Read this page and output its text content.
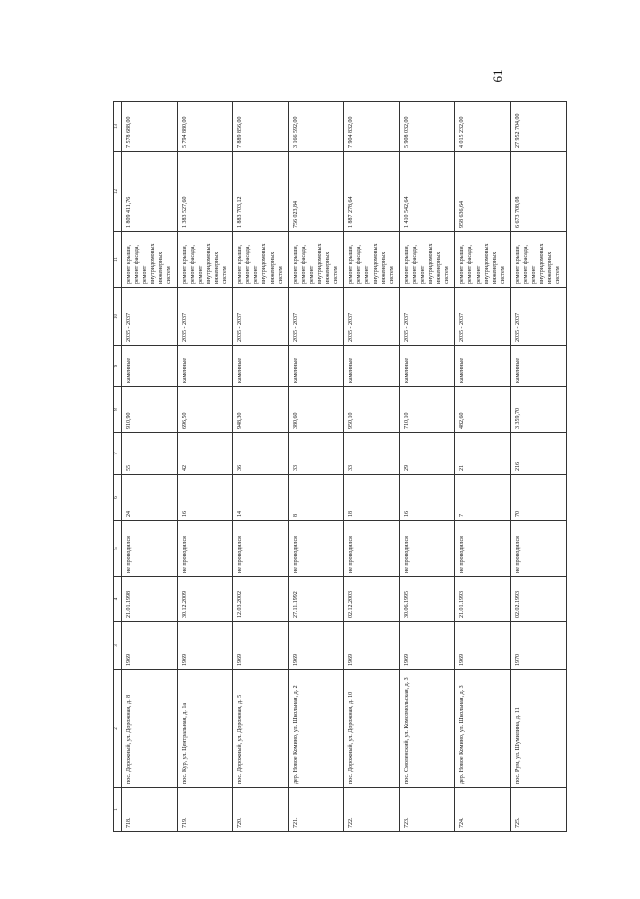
61
1	2	3	4	5	6	7	8	9	10	11	12	13
718.	пос. Дорожный, ул. Дорожная, д. 8	1969	21.01.1998	не проводился	24	55	910,90	каменные	2035 - 2037	ремонт крыши, ремонт фасада, ремонт внутридомовых инженерных систем	1 809 411,76	7 578 688,00
719.	пос. Кур, ул. Центральная, д. 1а	1969	30.12.2009	не проводился	16	42	696,50	каменные	2035 - 2037	ремонт крыши, ремонт фасада, ремонт внутридомовых инженерных систем	1 383 527,60	5 794 880,00
720.	пос. Дорожный, ул. Дорожная, д. 5	1969	12.03.2002	не проводился	14	36	948,30	каменные	2035 - 2037	ремонт крыши, ремонт фасада, ремонт внутридомовых инженерных систем	1 883 703,12	7 889 856,00
721.	дер. Новое Комино, ул. Школьная, д. 2	1969	27.11.1992	не проводился	8	33	380,60	каменные	2035 - 2037	ремонт крыши, ремонт фасада, ремонт внутридомовых инженерных систем	756 023,84	3 166 592,00
722.	пос. Дорожный, ул. Дорожная, д. 10	1969	02.12.2003	не проводился	18	33	950,10	каменные	2035 - 2037	ремонт крыши, ремонт фасада, ремонт внутридомовых инженерных систем	1 887 278,64	7 904 832,00
723.	пос. Смоленский, ул. Комсомольская, д. 3	1969	30.06.1995	не проводился	16	29	710,10	каменные	2035 - 2037	ремонт крыши, ремонт фасада, ремонт внутридомовых инженерных систем	1 410 542,64	5 908 032,00
724.	дер. Новое Комино, ул. Школьная, д. 3	1969	21.01.1993	не проводился	7	21	482,60	каменные	2035 - 2037	ремонт крыши, ремонт фасада, ремонт внутридомовых инженерных систем	958 636,64	4 015 232,00
725.	пос. Рум, ул. Шумилина, д. 11	1970	02.02.1993	не проводился	70	216	3 359,70	каменные	2035 - 2037	ремонт крыши, ремонт фасада, ремонт внутридомовых инженерных систем	6 673 708,08	27 952 704,00
